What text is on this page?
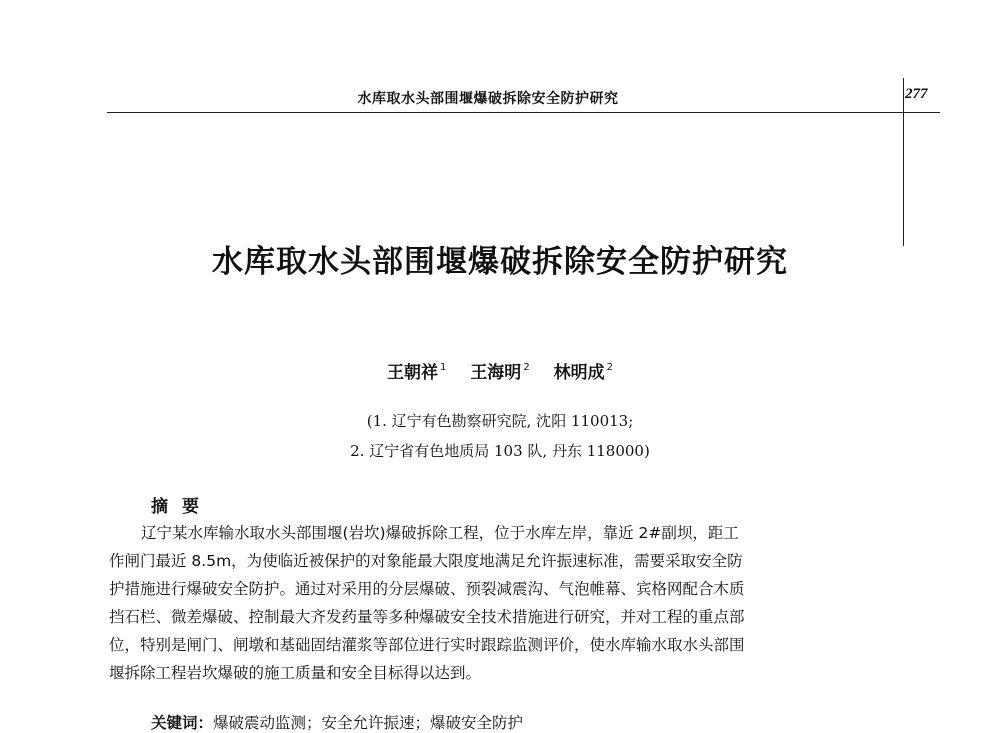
水库取水头部围堰爆破拆除安全防护研究	277
水库取水头部围堰爆破拆除安全防护研究
王朝祥 $^1$ 王海明 $^2$ 林明成 $^2$
(1. 辽宁有色勘察研究院, 沈阳 110013;
2. 辽宁省有色地质局 103 队, 丹东 118000)
摘要

辽宁某水库输水取水头部围堰(岩坎)爆破拆除工程，位于水库左岸，靠近 2#副坝，距工
作闸门最近 8.5m，为使临近被保护的对象能最大限度地满足允许振速标准，需要采取安全防
护措施进行爆破安全防护。通过对采用的分层爆破、预裂减震沟、气泡帷幕、宾格网配合木质
挡石栏、微差爆破、控制最大齐发药量等多种爆破安全技术措施进行研究，并对工程的重点部
位，特别是闸门、闸墩和基础固结灌浆等部位进行实时跟踪监测评价，使水库输水取水头部围
堰拆除工程岩坎爆破的施工质量和安全目标得以达到。

关键词：爆破震动监测；安全允许振速；爆破安全防护
